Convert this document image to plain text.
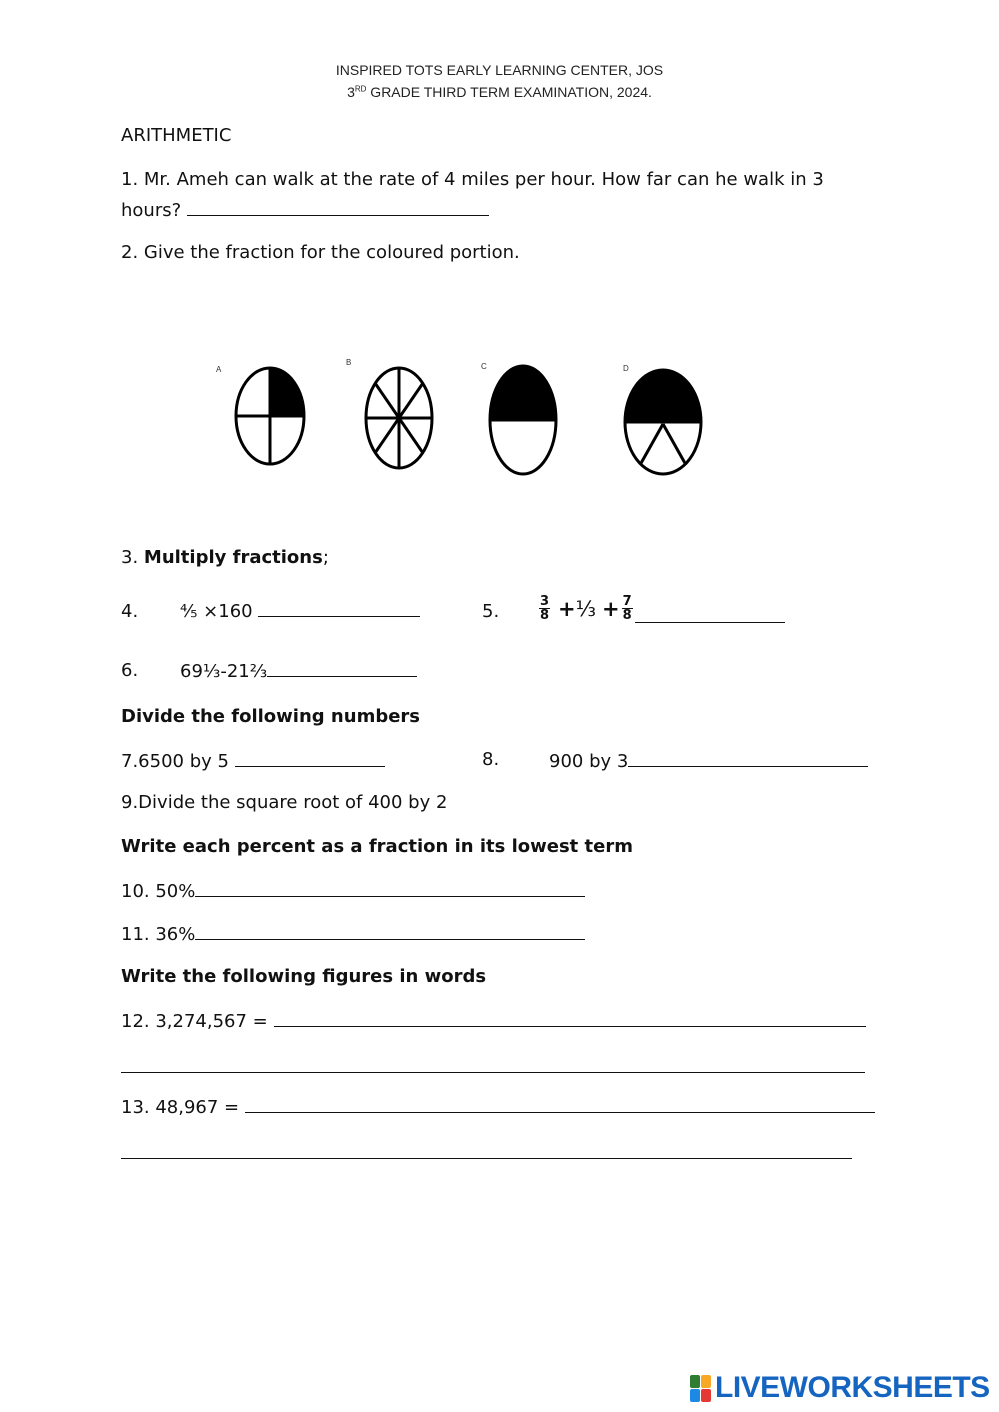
INSPIRED TOTS EARLY LEARNING CENTER, JOS
3RD GRADE THIRD TERM EXAMINATION, 2024.
ARITHMETIC
1. Mr. Ameh can walk at the rate of 4 miles per hour. How far can he walk in 3
hours?
2. Give the fraction for the coloured portion.
A
B	C	D
3. Multiply fractions;
4. ⅘ ×160	5.	$\frac{3}{8}$ + ⅓ + $\frac{7}{8}$
6. 69⅓-21⅔
Divide the following numbers
7.6500 by 5	8.	900 by 3
9.Divide the square root of 400 by 2
Write each percent as a fraction in its lowest term
10. 50%
11. 36%
Write the following figures in words
12. 3,274,567 =
13. 48,967 =
LIVEWORKSHEETS
